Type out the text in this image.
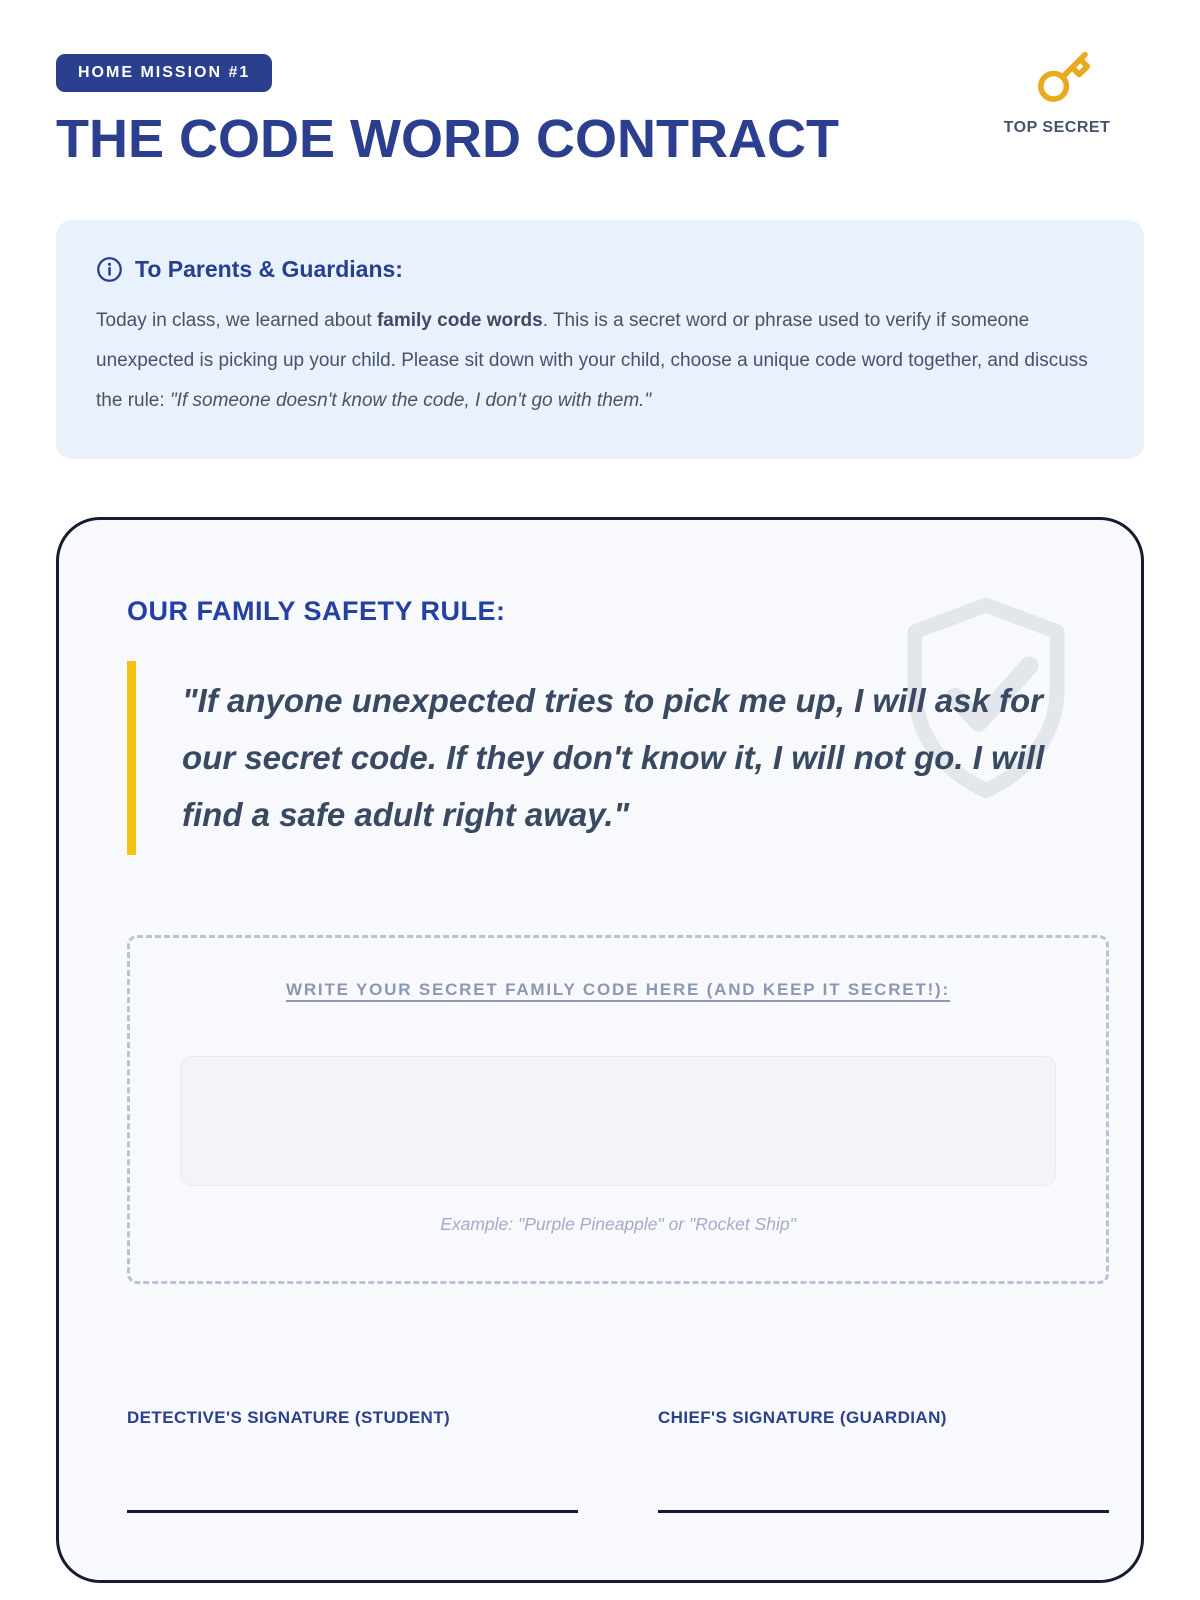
HOME MISSION #1
THE CODE WORD CONTRACT	TOP SECRET
To Parents & Guardians:

Today in class, we learned about family code words. This is a secret word or phrase used to verify if someone unexpected is picking up your child. Please sit down with your child, choose a unique code word together, and discuss the rule: "If someone doesn't know the code, I don't go with them."

OUR FAMILY SAFETY RULE:
"If anyone unexpected tries to pick me up, I will ask for our secret code. If they don't know it, I will not go. I will find a safe adult right away."
WRITE YOUR SECRET FAMILY CODE HERE (AND KEEP IT SECRET!):
Example: "Purple Pineapple" or "Rocket Ship"
DETECTIVE'S SIGNATURE (STUDENT)	CHIEF'S SIGNATURE (GUARDIAN)
